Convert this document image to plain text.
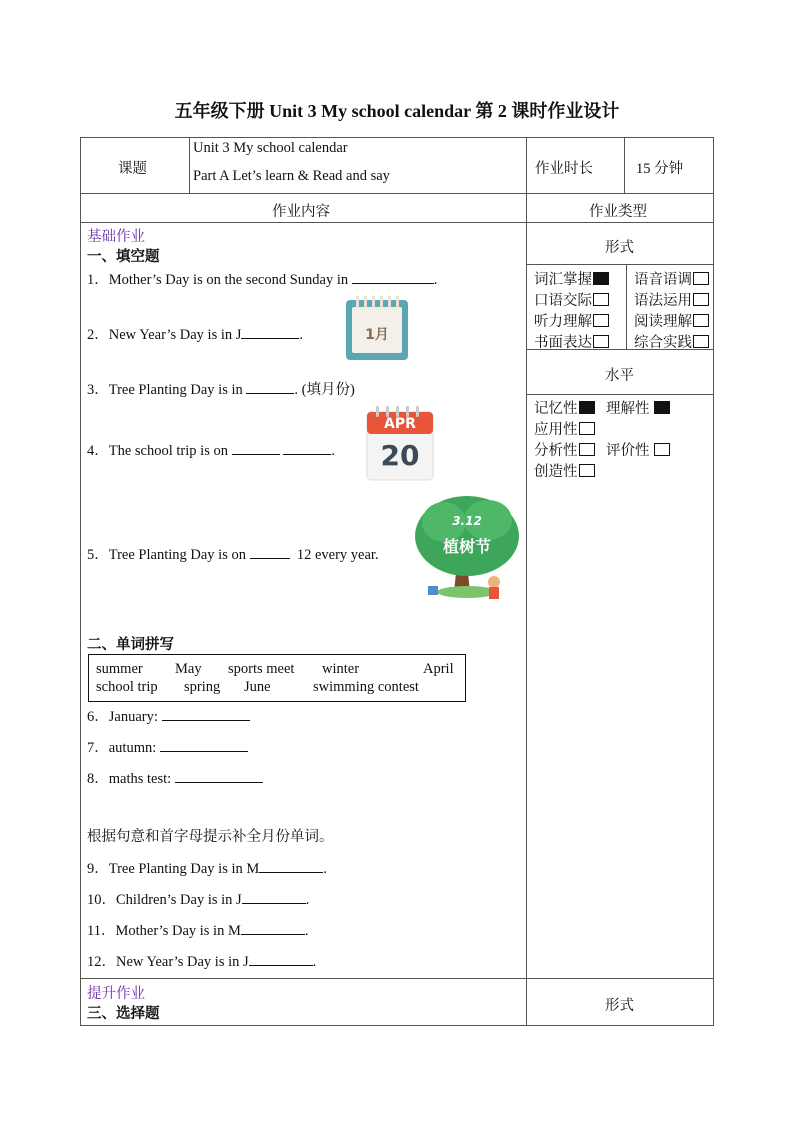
五年级下册 Unit 3 My school calendar 第 2 课时作业设计
课题
Unit 3 My school calendar
Part A Let’s learn & Read and say	作业时长	15 分钟
作业内容	作业类型
基础作业
一、填空题
1．Mother’s Day is on the second Sunday in	.
2．New Year’s Day is in J	.	1月
3．Tree Planting Day is in	. (填月份)
4．The school trip is on	.
APR
20
5．Tree Planting Day is on	12 every year.
3.12
植树节
二、单词拼写
summer May sports meet winter	April
school trip spring June	swimming contest
6．January:
7．autumn:
8．maths test:
根据句意和首字母提示补全月份单词。
9．Tree Planting Day is in M	.
10．Children’s Day is in J	.
11．Mother’s Day is in M	.
12．New Year’s Day is in J	.
形式
词汇掌握	语音语调
口语交际	语法运用
听力理解	阅读理解
书面表达	综合实践
水平
记忆性	理解性
应用性
分析性	评价性
创造性
提升作业
三、选择题	形式
